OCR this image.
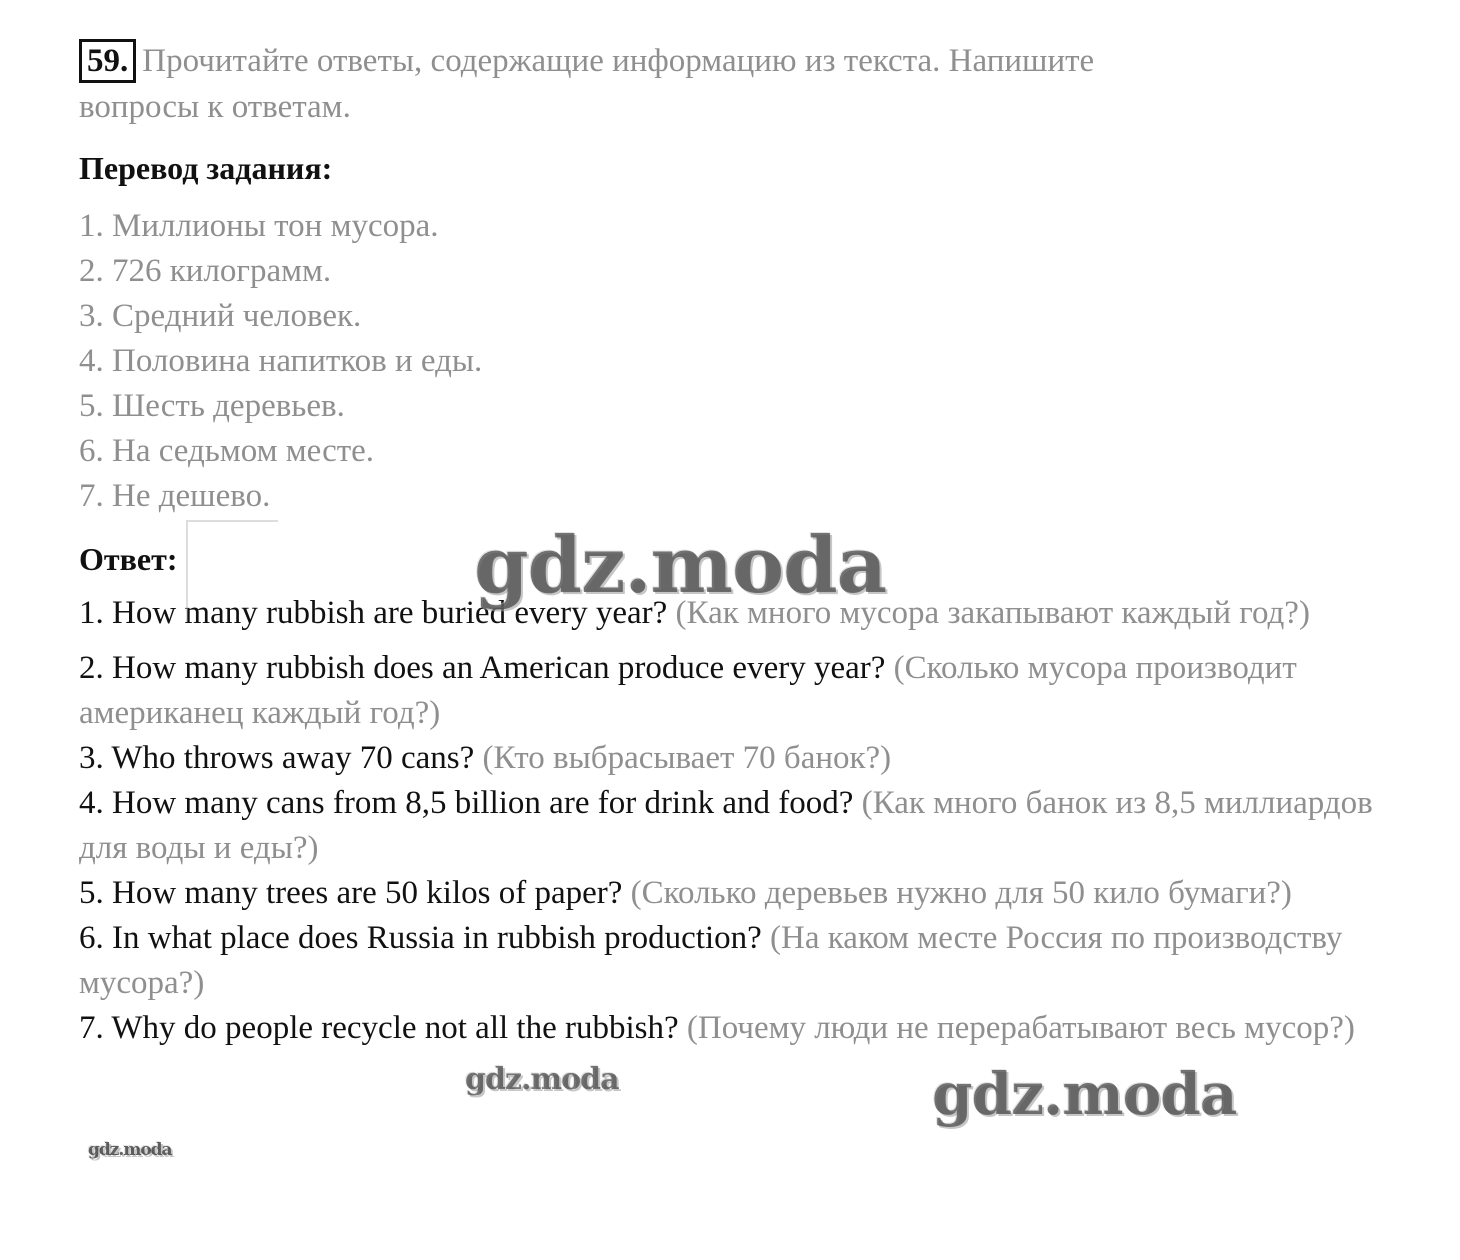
59. Прочитайте ответы, содержащие информацию из текста. Напишите

вопросы к ответам.

Перевод задания:
1. Миллионы тон мусора.
2. 726 килограмм.
3. Средний человек.
4. Половина напитков и еды.
5. Шесть деревьев.
6. На седьмом месте.
7. Не дешево.
Ответ:
1. How many rubbish are buried every year? (Как много мусора закапывают каждый год?)
2. How many rubbish does an American produce every year? (Сколько мусора производит американец каждый год?)
3. Who throws away 70 cans? (Кто выбрасывает 70 банок?)
4. How many cans from 8,5 billion are for drink and food? (Как много банок из 8,5 миллиардов для воды и еды?)
5. How many trees are 50 kilos of paper? (Сколько деревьев нужно для 50 кило бумаги?)
6. In what place does Russia in rubbish production? (На каком месте Россия по производству мусора?)
7. Why do people recycle not all the rubbish? (Почему люди не перерабатывают весь мусор?)
gdz.moda
gdz.moda
gdz.moda
gdz.moda
